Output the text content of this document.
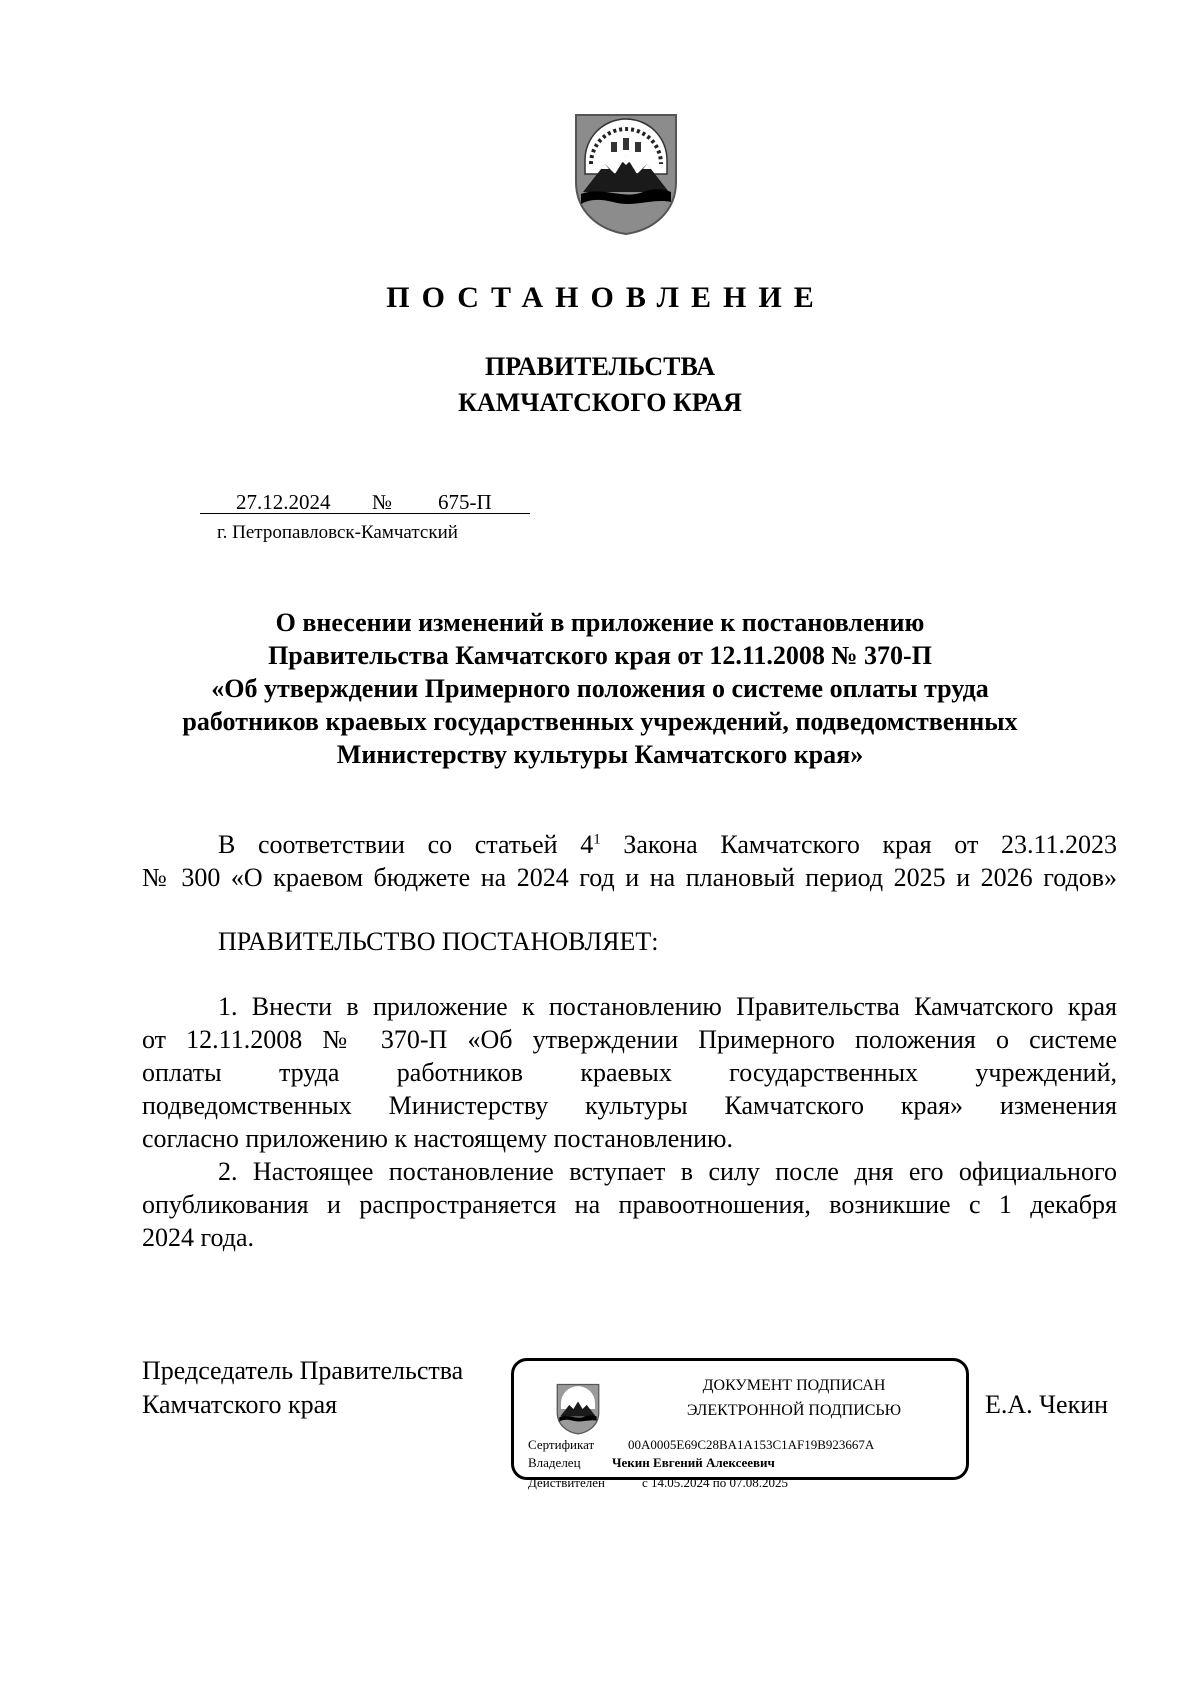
ПОСТАНОВЛЕНИЕ
ПРАВИТЕЛЬСТВА
КАМЧАТСКОГО КРАЯ
27.12.2024 № 675-П
г. Петропавловск-Камчатский
О внесении изменений в приложение к постановлению
Правительства Камчатского края от 12.11.2008 № 370-П
«Об утверждении Примерного положения о системе оплаты труда
работников краевых государственных учреждений, подведомственных
Министерству культуры Камчатского края»
В соответствии со статьей $4^1$ Закона Камчатского края от 23.11.2023
№ 300 «О краевом бюджете на 2024 год и на плановый период 2025 и 2026 годов»
ПРАВИТЕЛЬСТВО ПОСТАНОВЛЯЕТ:
1. Внести в приложение к постановлению Правительства Камчатского края
от 12.11.2008 № 370-П «Об утверждении Примерного положения о системе
оплаты труда работников краевых государственных учреждений,
подведомственных Министерству культуры Камчатского края» изменения
согласно приложению к настоящему постановлению.
2. Настоящее постановление вступает в силу после дня его официального
опубликования и распространяется на правоотношения, возникшие с 1 декабря
2024 года.
Председатель Правительства
Камчатского края	Е.А. Чекин
ДОКУМЕНТ ПОДПИСАН
ЭЛЕКТРОННОЙ ПОДПИСЬЮ
Сертификат	00A0005E69C28BA1A153C1AF19B923667A
Владелец Чекин Евгений Алексеевич
Действителен	с 14.05.2024 по 07.08.2025
